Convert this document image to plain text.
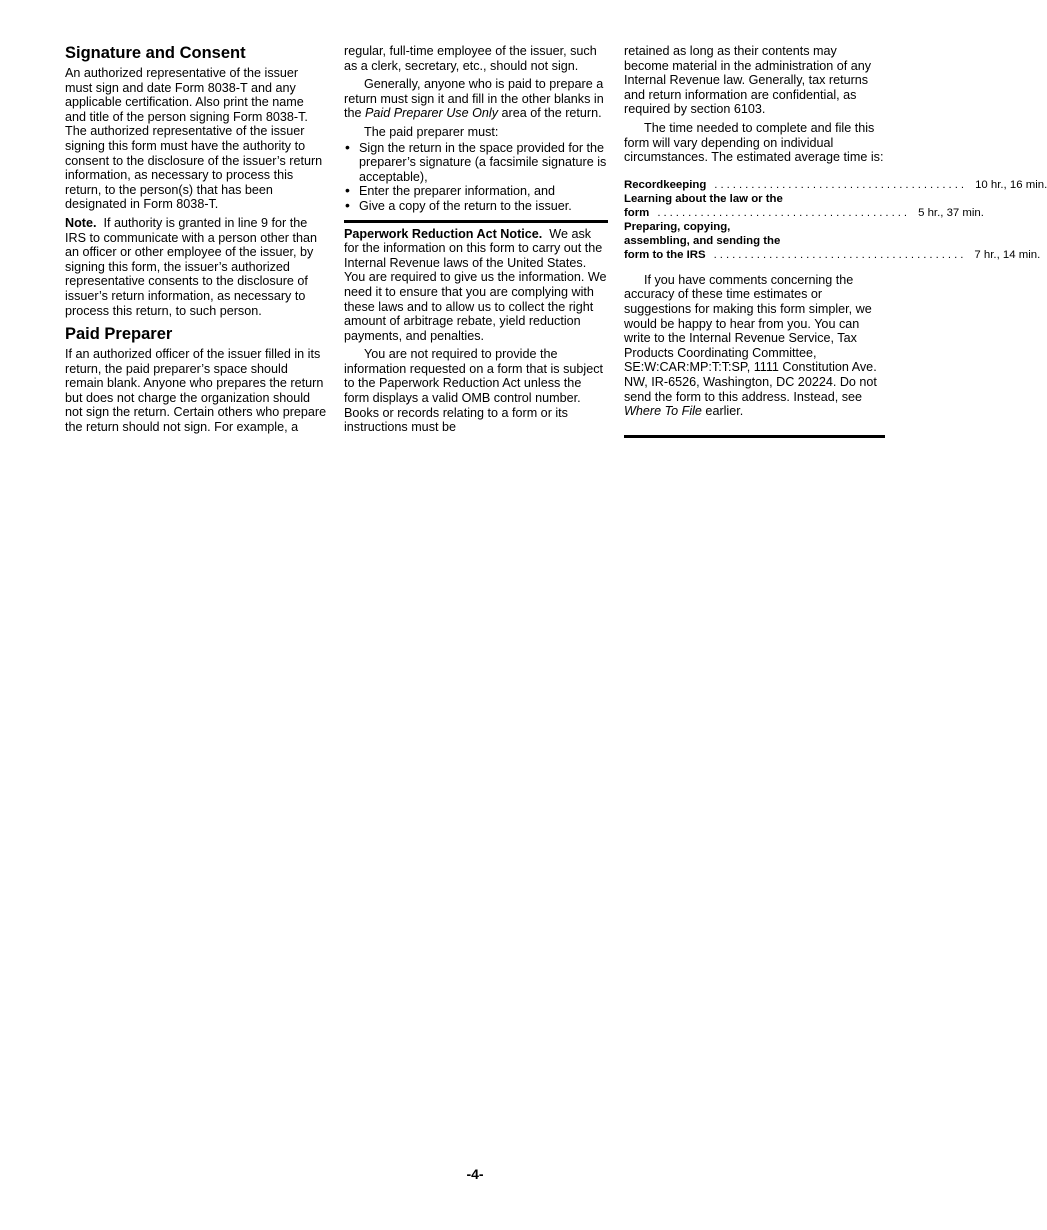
Signature and Consent

An authorized representative of the issuer must sign and date Form 8038-T and any applicable certification. Also print the name and title of the person signing Form 8038-T. The authorized representative of the issuer signing this form must have the authority to consent to the disclosure of the issuer’s return information, as necessary to process this return, to the person(s) that has been designated in Form 8038-T.

Note. If authority is granted in line 9 for the IRS to communicate with a person other than an officer or other employee of the issuer, by signing this form, the issuer’s authorized representative consents to the disclosure of issuer’s return information, as necessary to process this return, to such person.

Paid Preparer

If an authorized officer of the issuer filled in its return, the paid preparer’s space should remain blank. Anyone who prepares the return but does not charge the organization should not sign the return. Certain others who prepare the return should not sign. For example, a

regular, full-time employee of the issuer, such as a clerk, secretary, etc., should not sign.

Generally, anyone who is paid to prepare a return must sign it and fill in the other blanks in the Paid Preparer Use Only area of the return.

The paid preparer must:

• Sign the return in the space provided for the preparer’s signature (a facsimile signature is acceptable),
• Enter the preparer information, and
• Give a copy of the return to the issuer.

Paperwork Reduction Act Notice. We ask for the information on this form to carry out the Internal Revenue laws of the United States. You are required to give us the information. We need it to ensure that you are complying with these laws and to allow us to collect the right amount of arbitrage rebate, yield reduction payments, and penalties.

You are not required to provide the information requested on a form that is subject to the Paperwork Reduction Act unless the form displays a valid OMB control number. Books or records relating to a form or its instructions must be

retained as long as their contents may become material in the administration of any Internal Revenue law. Generally, tax returns and return information are confidential, as required by section 6103.

The time needed to complete and file this form will vary depending on individual circumstances. The estimated average time is:

Recordkeeping ......................................... 10 hr., 16 min.
Learning about the law or the
form ......................................... 5 hr., 37 min.
Preparing, copying,
assembling, and sending the
form to the IRS ......................................... 7 hr., 14 min.

If you have comments concerning the accuracy of these time estimates or suggestions for making this form simpler, we would be happy to hear from you. You can write to the Internal Revenue Service, Tax Products Coordinating Committee, SE:W:CAR:MP:T:T:SP, 1111 Constitution Ave. NW, IR-6526, Washington, DC 20224. Do not send the form to this address. Instead, see Where To File earlier.

-4-
